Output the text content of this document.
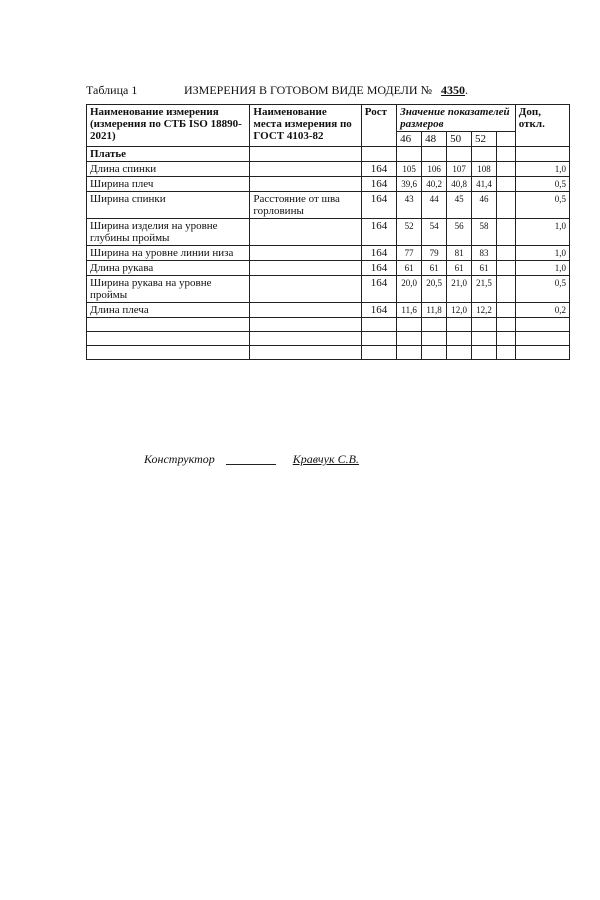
Таблица 1	ИЗМЕРЕНИЯ В ГОТОВОМ ВИДЕ МОДЕЛИ № 4350.
Наименование измерения (измерения по СТБ ISO 18890-2021)	Наименование места измерения по ГОСТ 4103-82	Рост	Значение показателей размеров					Доп, откл.
			46	48	50	52		
Платье								
Длина спинки		164	105	106	107	108		1,0
Ширина плеч		164	39,6	40,2	40,8	41,4		0,5
Ширина спинки	Расстояние от шва горловины	164	43	44	45	46		0,5
Ширина изделия на уровне глубины проймы		164	52	54	56	58		1,0
Ширина на уровне линии низа		164	77	79	81	83		1,0
Длина рукава		164	61	61	61	61		1,0
Ширина рукава на уровне проймы		164	20,0	20,5	21,0	21,5		0,5
Длина плеча		164	11,6	11,8	12,0	12,2		0,2

Конструктор	Кравчук С.В.
